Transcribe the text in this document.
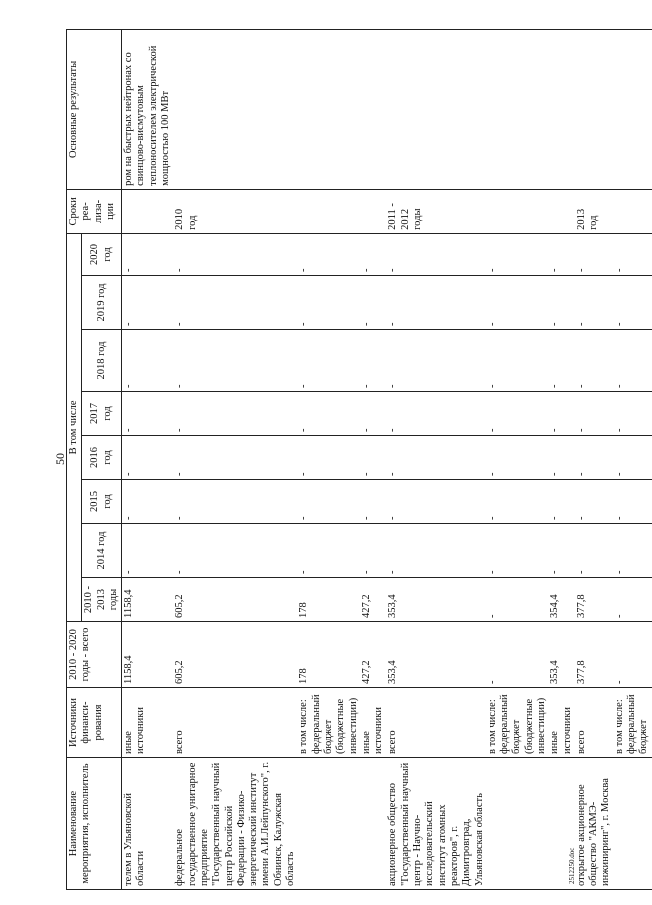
50
2512250.doc
Наименование мероприятия, исполнитель	Источники финанси-рования	2010 - 2020 годы - всего	В том числе								Сроки реа-лиза-ции	Основные результаты
			2010 - 2013 годы	2014 год	2015 год	2016 год	2017 год	2018 год	2019 год	2020 год		
телем в Ульяновской области	иные источники	1158,4	1158,4	-	-	-	-	-	-	-		ром на быстрых нейтронах со свинцово-висмутовым теплоносителем электрической мощностью 100 МВт
федеральное государственное унитарное предприятие "Государственный научный центр Российской Федерации - Физико-энергетический институт имени А.И.Лейпунского", г. Обнинск, Калужская область	всего	605,2	605,2	-	-	-	-	-	-	-	2010 год	
	в том числе: федеральный бюджет (бюджетные инвестиции)	178	178	-	-	-	-	-	-	-		
	иные источники	427,2	427,2	-	-	-	-	-	-	-		
акционерное общество "Государственный научный центр - Научно-исследовательский институт атомных реакторов", г. Димитровград, Ульяновская область	всего	353,4	353,4	-	-	-	-	-	-	-	2011 - 2012 годы	
	в том числе: федеральный бюджет (бюджетные инвестиции)	-	-	-	-	-	-	-	-	-		
	иные источники	353,4	354,4	-	-	-	-	-	-	-		
открытое акционерное общество "АКМЭ-инжиниринг", г. Москва	всего	377,8	377,8	-	-	-	-	-	-	-	2013 год	
	в том числе: федеральный бюджет	-	-	-	-	-	-	-	-	-		
